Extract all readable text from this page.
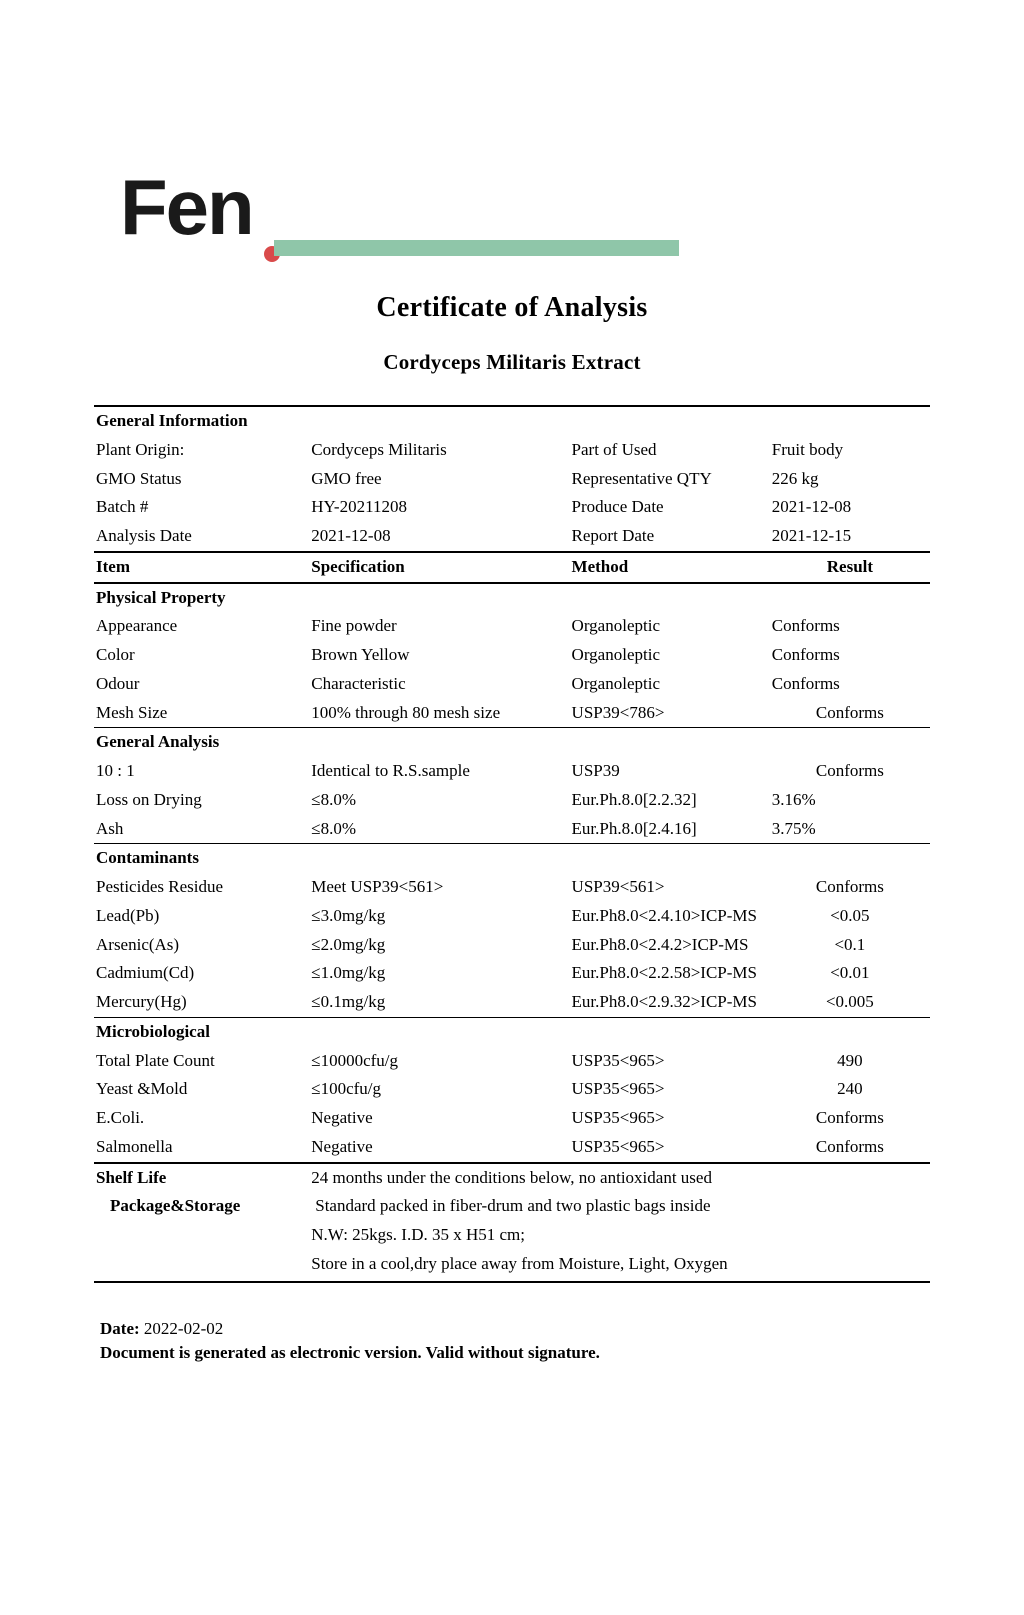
Fen
Certificate of Analysis
Cordyceps Militaris Extract
General Information			
Plant Origin:	Cordyceps Militaris	Part of Used	Fruit body
GMO Status	GMO free	Representative QTY	226 kg
Batch #	HY-20211208	Produce Date	2021-12-08
Analysis Date	2021-12-08	Report Date	2021-12-15
Item	Specification	Method	Result
Physical Property			
Appearance	Fine powder	Organoleptic	Conforms
Color	Brown Yellow	Organoleptic	Conforms
Odour	Characteristic	Organoleptic	Conforms
Mesh Size	100% through 80 mesh size	USP39<786>	Conforms
General Analysis			
10 : 1	Identical to R.S.sample	USP39	Conforms
Loss on Drying	≤8.0%	Eur.Ph.8.0[2.2.32]	3.16%
Ash	≤8.0%	Eur.Ph.8.0[2.4.16]	3.75%
Contaminants			
Pesticides Residue	Meet USP39<561>	USP39<561>	Conforms
Lead(Pb)	≤3.0mg/kg	Eur.Ph8.0<2.4.10>ICP-MS	<0.05
Arsenic(As)	≤2.0mg/kg	Eur.Ph8.0<2.4.2>ICP-MS	<0.1
Cadmium(Cd)	≤1.0mg/kg	Eur.Ph8.0<2.2.58>ICP-MS	<0.01
Mercury(Hg)	≤0.1mg/kg	Eur.Ph8.0<2.9.32>ICP-MS	<0.005
Microbiological			
Total Plate Count	≤10000cfu/g	USP35<965>	490
Yeast &Mold	≤100cfu/g	USP35<965>	240
E.Coli.	Negative	USP35<965>	Conforms
Salmonella	Negative	USP35<965>	Conforms
Shelf Life	24 months under the conditions below, no antioxidant used		
Package&Storage	Standard packed in fiber-drum and two plastic bags inside		
	N.W: 25kgs. I.D. 35 x H51 cm;		
	Store in a cool,dry place away from Moisture, Light, Oxygen		
Date: 2022-02-02
Document is generated as electronic version. Valid without signature.
